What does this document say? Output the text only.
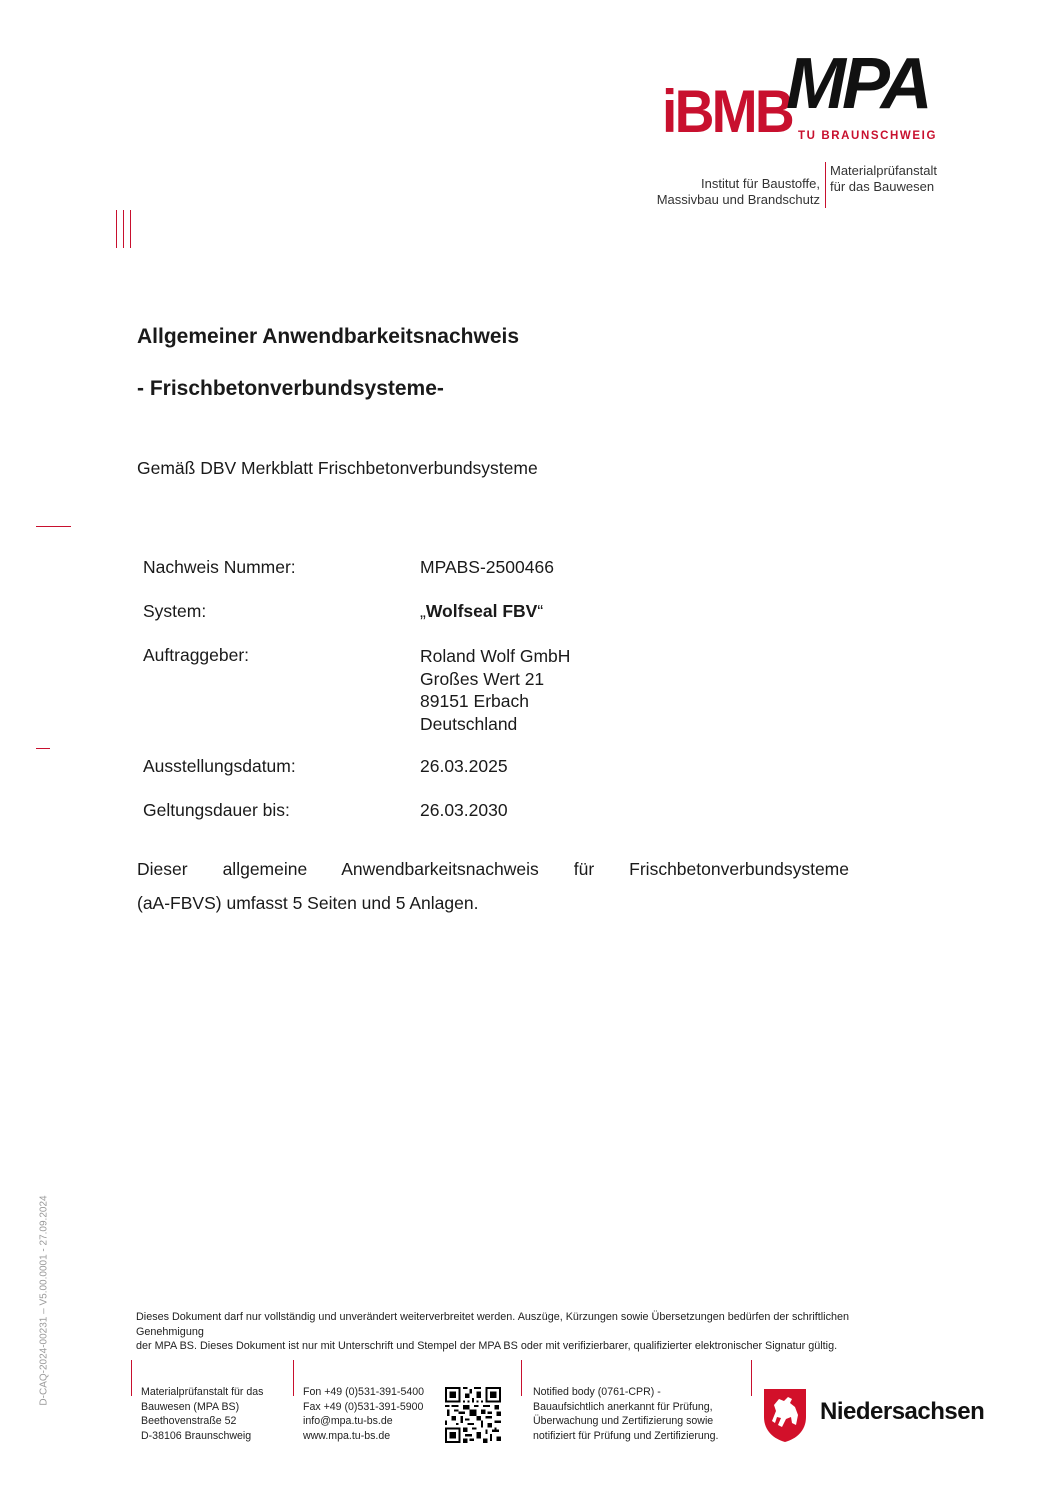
iBMB
MPA
TU BRAUNSCHWEIG
Institut für Baustoffe,
Massivbau und Brandschutz
Materialprüfanstalt
für das Bauwesen
Allgemeiner Anwendbarkeitsnachweis
- Frischbetonverbundsysteme-
Gemäß DBV Merkblatt Frischbetonverbundsysteme
Nachweis Nummer:	MPABS-2500466
System:	„Wolfseal FBV“
Auftraggeber:	Roland Wolf GmbH
Großes Wert 21
89151 Erbach
Deutschland
Ausstellungsdatum:	26.03.2025
Geltungsdauer bis:	26.03.2030
Dieser allgemeine Anwendbarkeitsnachweis für Frischbetonverbundsysteme
(aA-FBVS) umfasst 5 Seiten und 5 Anlagen.
D-CAQ-2024-00231 – V5.00.0001 - 27.09.2024	Dieses Dokument darf nur vollständig und unverändert weiterverbreitet werden. Auszüge, Kürzungen sowie Übersetzungen bedürfen der schriftlichen
Genehmigung
der MPA BS. Dieses Dokument ist nur mit Unterschrift und Stempel der MPA BS oder mit verifizierbarer, qualifizierter elektronischer Signatur gültig.
Materialprüfanstalt für das
Bauwesen (MPA BS)
Beethovenstraße 52
D-38106 Braunschweig
Fon +49 (0)531-391-5400
Fax +49 (0)531-391-5900
info@mpa.tu-bs.de
www.mpa.tu-bs.de
Notified body (0761-CPR) -
Bauaufsichtlich anerkannt für Prüfung,
Überwachung und Zertifizierung sowie
notifiziert für Prüfung und Zertifizierung.
Niedersachsen
